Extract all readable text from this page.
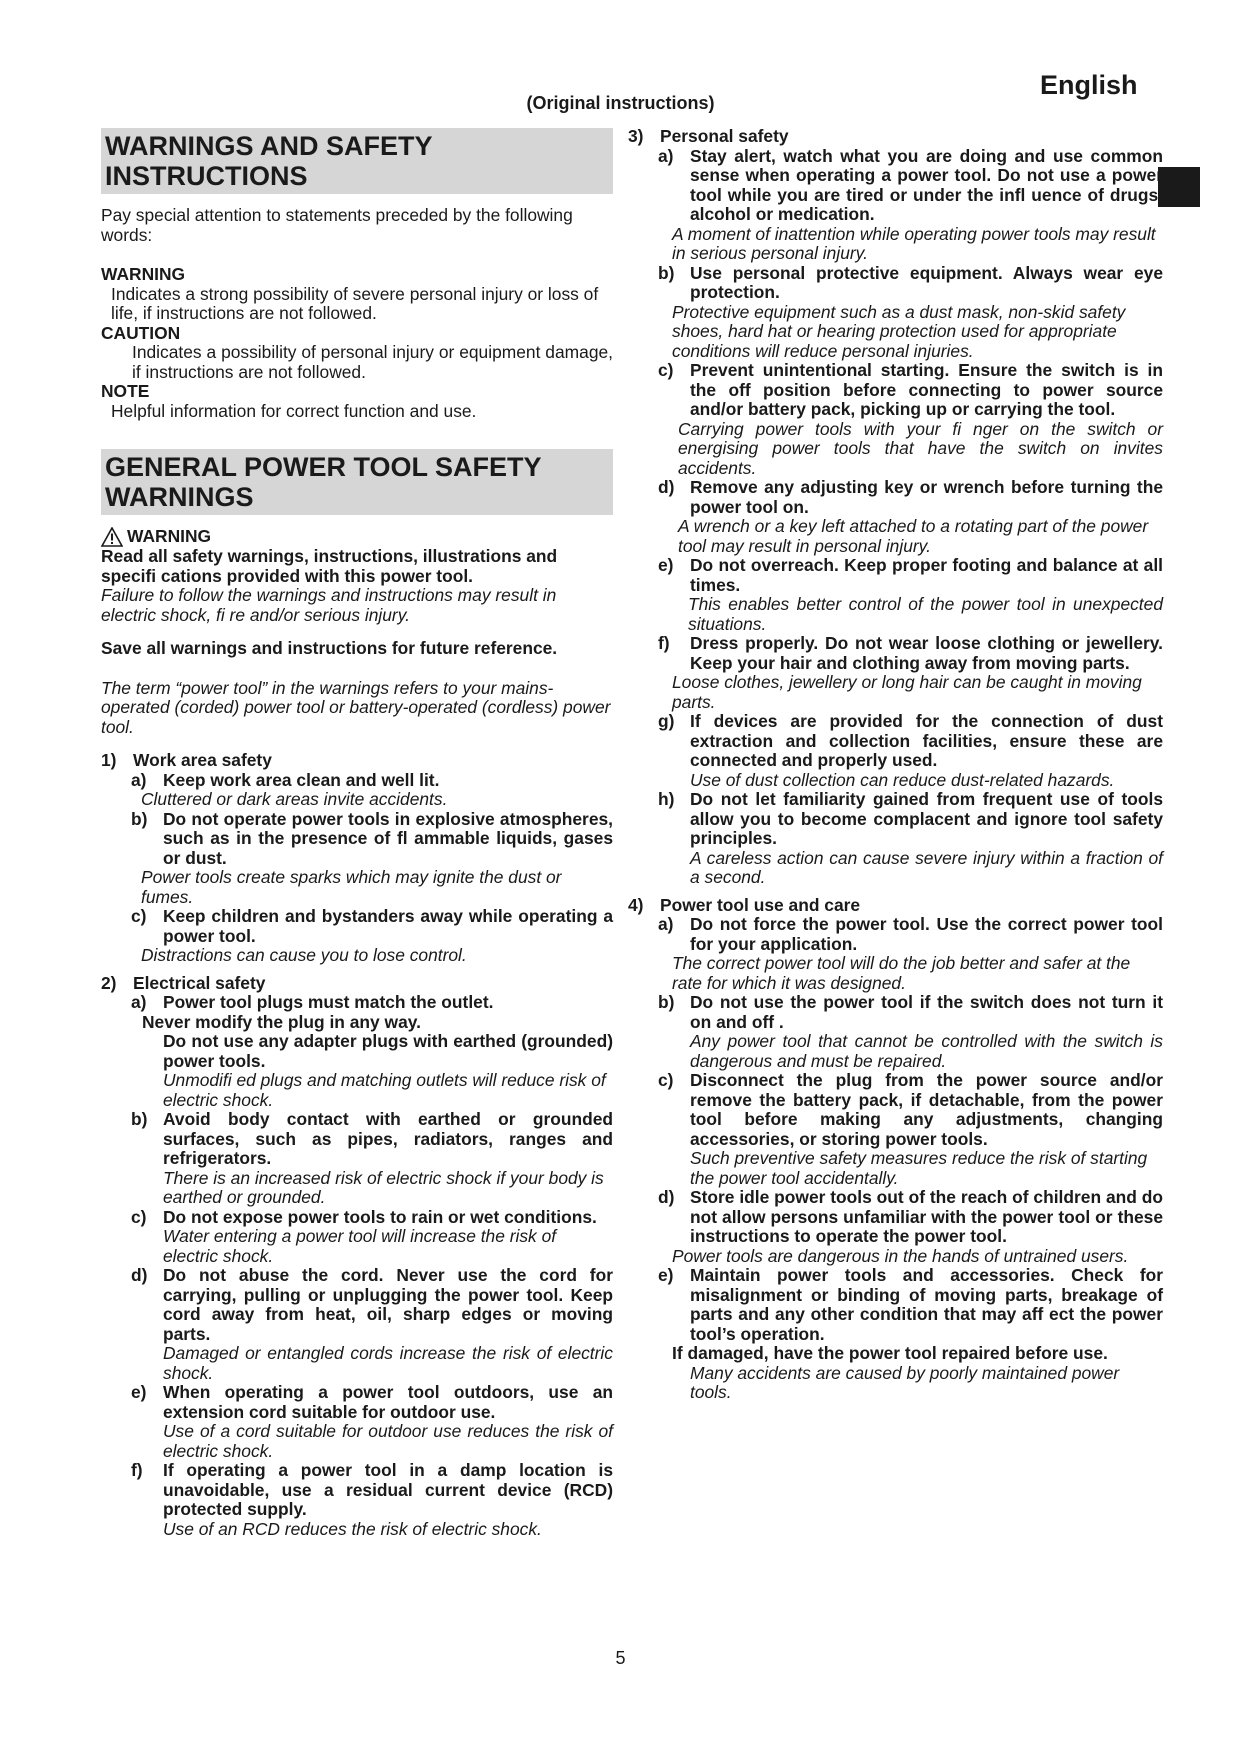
English
(Original instructions)
WARNINGS AND SAFETY INSTRUCTIONS

Pay special attention to statements preceded by the following words:

WARNING
Indicates a strong possibility of severe personal injury or loss of life, if instructions are not followed.
CAUTION
Indicates a possibility of personal injury or equipment damage, if instructions are not followed.
NOTE
Helpful information for correct function and use.
GENERAL POWER TOOL SAFETY WARNINGS
WARNING
Read all safety warnings, instructions, illustrations and specifi cations provided with this power tool.
Failure to follow the warnings and instructions may result in electric shock, fi re and/or serious injury.
Save all warnings and instructions for future reference.
The term “power tool” in the warnings refers to your mains-operated (corded) power tool or battery-operated (cordless) power tool.
1) Work area safety
a) Keep work area clean and well lit.
Cluttered or dark areas invite accidents.
b) Do not operate power tools in explosive atmospheres, such as in the presence of fl ammable liquids, gases or dust.
Power tools create sparks which may ignite the dust or fumes.
c) Keep children and bystanders away while operating a power tool.
Distractions can cause you to lose control.
2) Electrical safety
a) Power tool plugs must match the outlet.
Never modify the plug in any way.
Do not use any adapter plugs with earthed (grounded) power tools.
Unmodifi ed plugs and matching outlets will reduce risk of electric shock.
b) Avoid body contact with earthed or grounded surfaces, such as pipes, radiators, ranges and refrigerators.
There is an increased risk of electric shock if your body is earthed or grounded.
c) Do not expose power tools to rain or wet conditions.
Water entering a power tool will increase the risk of electric shock.
d) Do not abuse the cord. Never use the cord for carrying, pulling or unplugging the power tool. Keep cord away from heat, oil, sharp edges or moving parts.
Damaged or entangled cords increase the risk of electric shock.
e) When operating a power tool outdoors, use an extension cord suitable for outdoor use.
Use of a cord suitable for outdoor use reduces the risk of electric shock.
f)	If operating a power tool in a damp location is unavoidable, use a residual current device (RCD) protected supply.
Use of an RCD reduces the risk of electric shock.
3) Personal safety
a) Stay alert, watch what you are doing and use common sense when operating a power tool. Do not use a power tool while you are tired or under the infl uence of drugs, alcohol or medication.
A moment of inattention while operating power tools may result in serious personal injury.
b) Use personal protective equipment. Always wear eye protection.
Protective equipment such as a dust mask, non-skid safety shoes, hard hat or hearing protection used for appropriate conditions will reduce personal injuries.
c) Prevent unintentional starting. Ensure the switch is in the off position before connecting to power source and/or battery pack, picking up or carrying the tool.
Carrying power tools with your fi nger on the switch or energising power tools that have the switch on invites accidents.
d) Remove any adjusting key or wrench before turning the power tool on.
A wrench or a key left attached to a rotating part of the power tool may result in personal injury.
e) Do not overreach. Keep proper footing and balance at all times.
This enables better control of the power tool in unexpected situations.
f)	Dress properly. Do not wear loose clothing or jewellery. Keep your hair and clothing away from moving parts.
Loose clothes, jewellery or long hair can be caught in moving parts.
g) If devices are provided for the connection of dust extraction and collection facilities, ensure these are connected and properly used.
Use of dust collection can reduce dust-related hazards.
h) Do not let familiarity gained from frequent use of tools allow you to become complacent and ignore tool safety principles.
A careless action can cause severe injury within a fraction of a second.
4) Power tool use and care
a) Do not force the power tool. Use the correct power tool for your application.
The correct power tool will do the job better and safer at the rate for which it was designed.
b) Do not use the power tool if the switch does not turn it on and off .
Any power tool that cannot be controlled with the switch is dangerous and must be repaired.
c) Disconnect the plug from the power source and/or remove the battery pack, if detachable, from the power tool before making any adjustments, changing accessories, or storing power tools.
Such preventive safety measures reduce the risk of starting the power tool accidentally.
d) Store idle power tools out of the reach of children and do not allow persons unfamiliar with the power tool or these instructions to operate the power tool.
Power tools are dangerous in the hands of untrained users.
e) Maintain power tools and accessories. Check for misalignment or binding of moving parts, breakage of parts and any other condition that may aff ect the power tool’s operation.
If damaged, have the power tool repaired before use.
Many accidents are caused by poorly maintained power tools.
5
